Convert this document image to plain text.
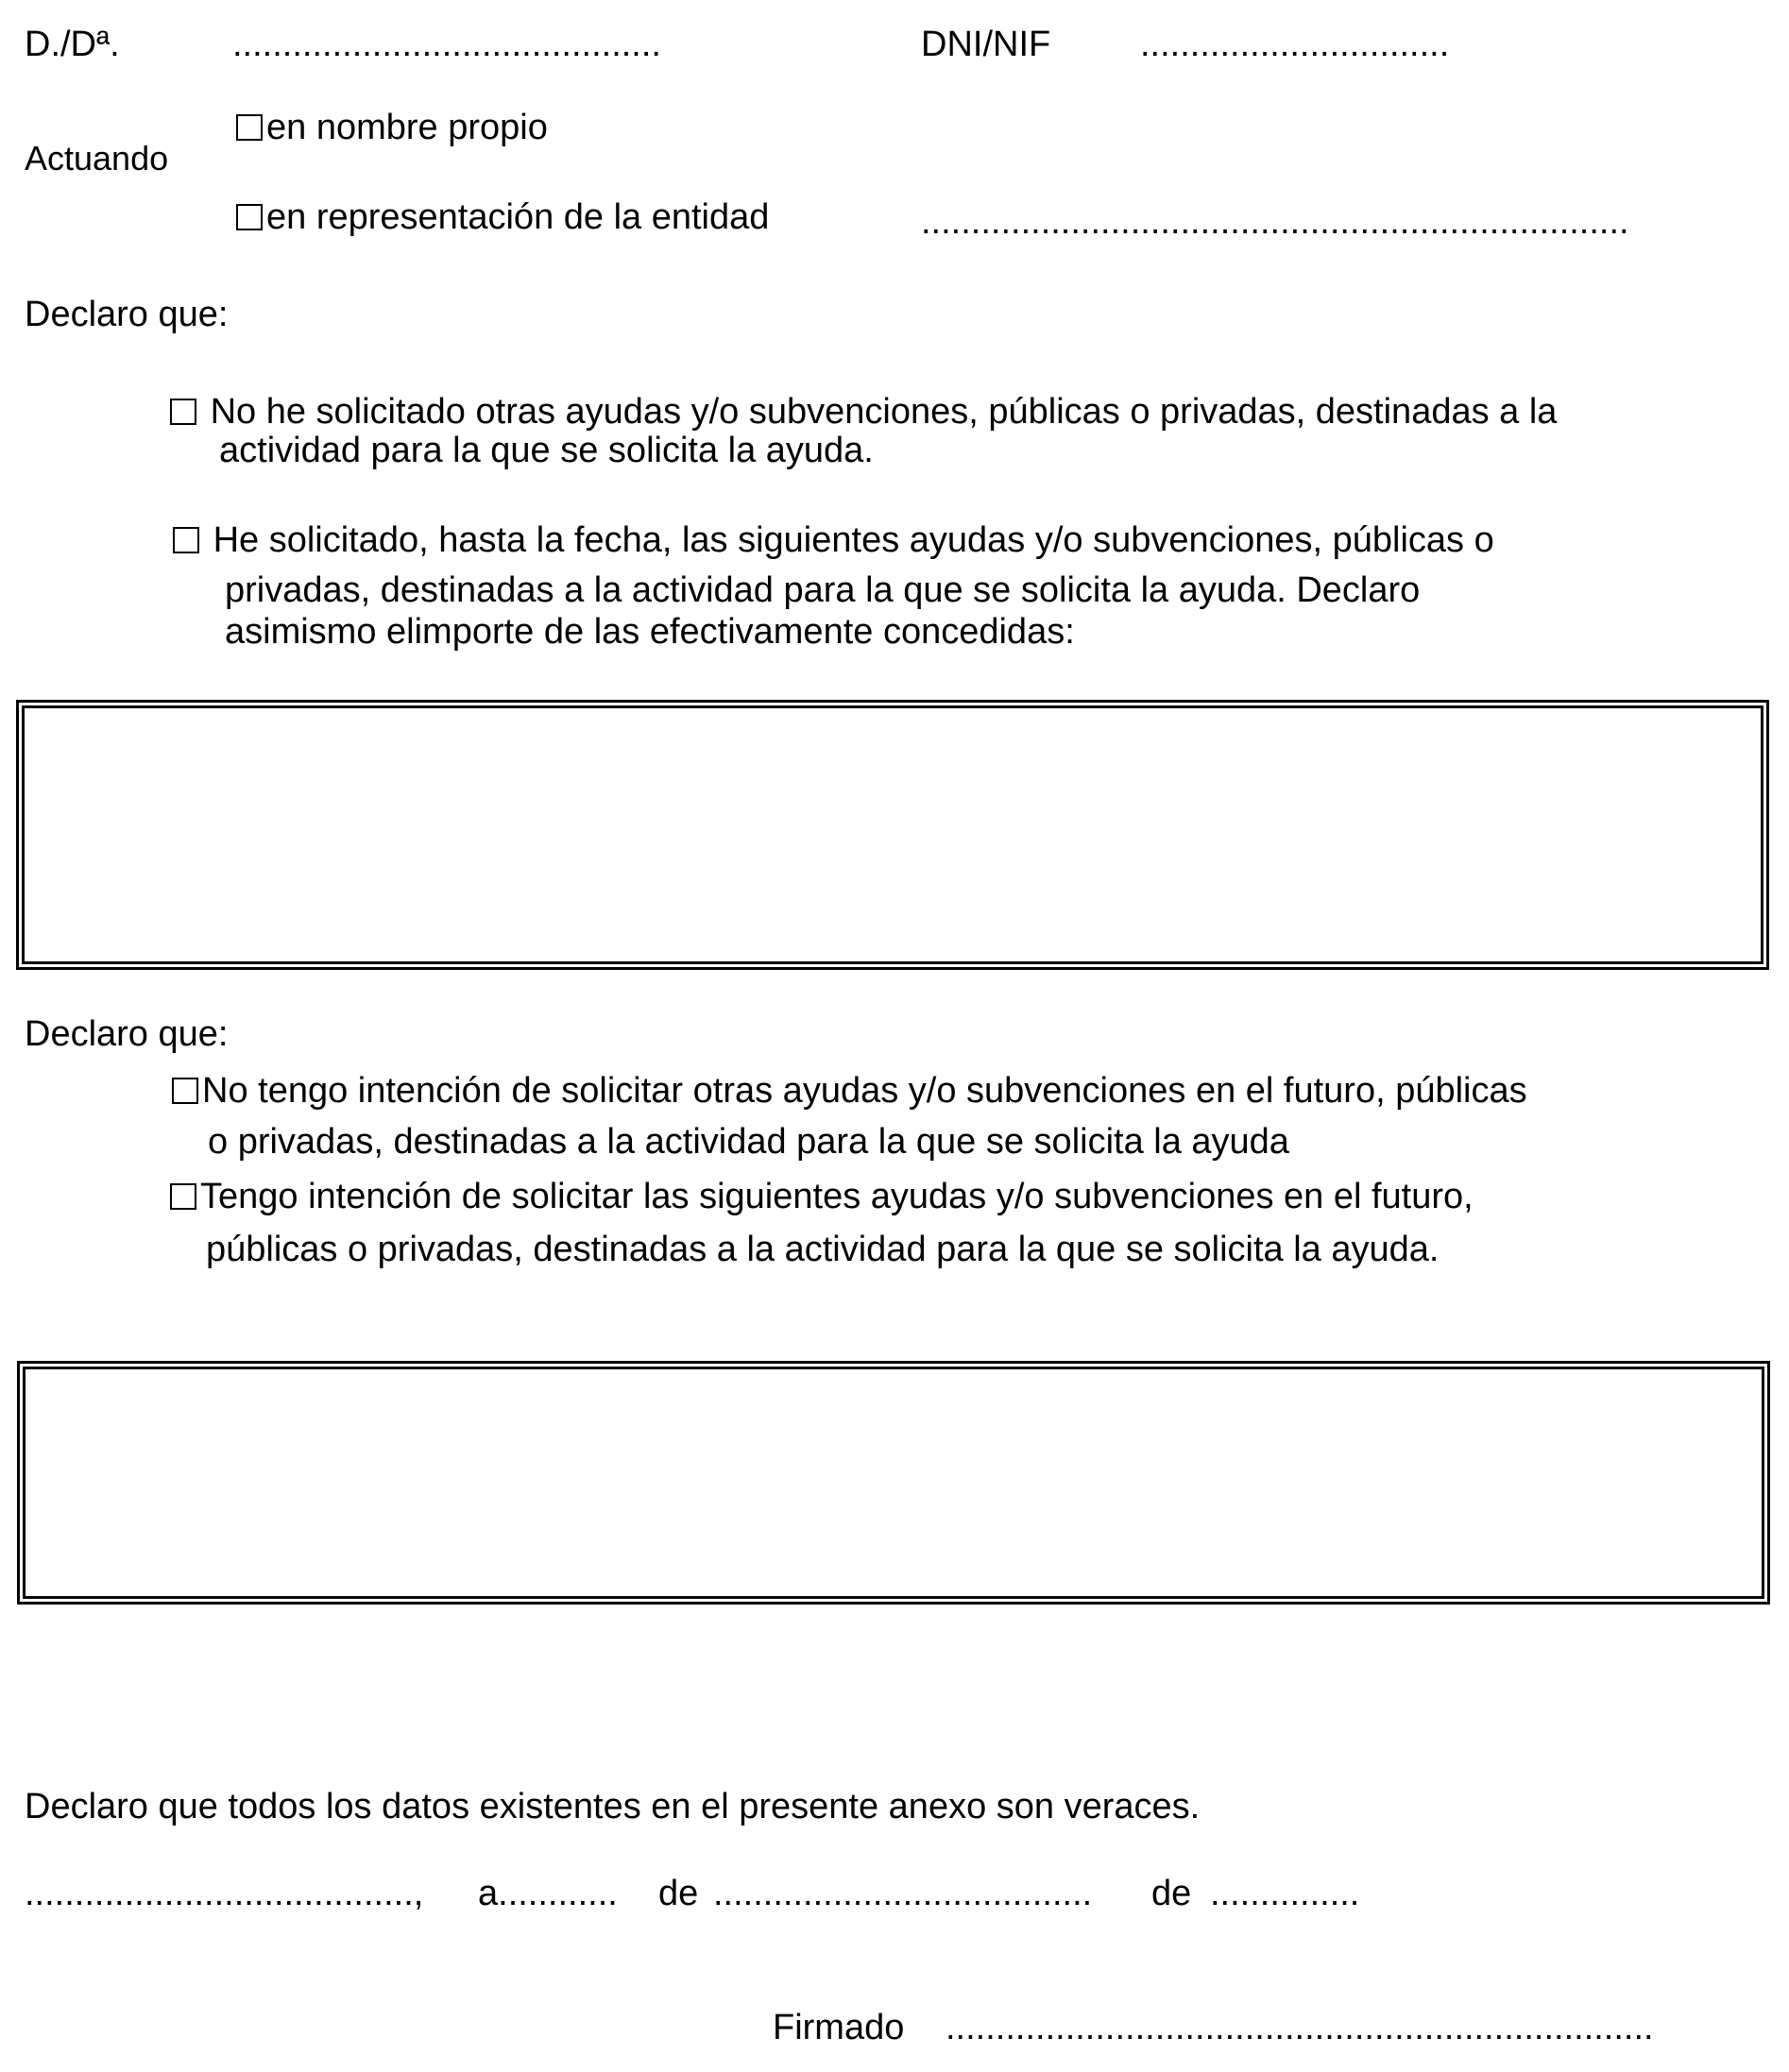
D./Dª.	...........................................	DNI/NIF ...............................
Actuando
en nombre propio
en representación de la entidad	.......................................................................
Declaro que:
No he solicitado otras ayudas y/o subvenciones, públicas o privadas, destinadas a la
actividad para la que se solicita la ayuda.
He solicitado, hasta la fecha, las siguientes ayudas y/o subvenciones, públicas o
privadas, destinadas a la actividad para la que se solicita la ayuda. Declaro
asimismo elimporte de las efectivamente concedidas:
Declaro que:
No tengo intención de solicitar otras ayudas y/o subvenciones en el futuro, públicas
o privadas, destinadas a la actividad para la que se solicita la ayuda
Tengo intención de solicitar las siguientes ayudas y/o subvenciones en el futuro,
públicas o privadas, destinadas a la actividad para la que se solicita la ayuda.
Declaro que todos los datos existentes en el presente anexo son veraces.
......................................., a............ de ...................................... de ...............
Firmado .......................................................................
